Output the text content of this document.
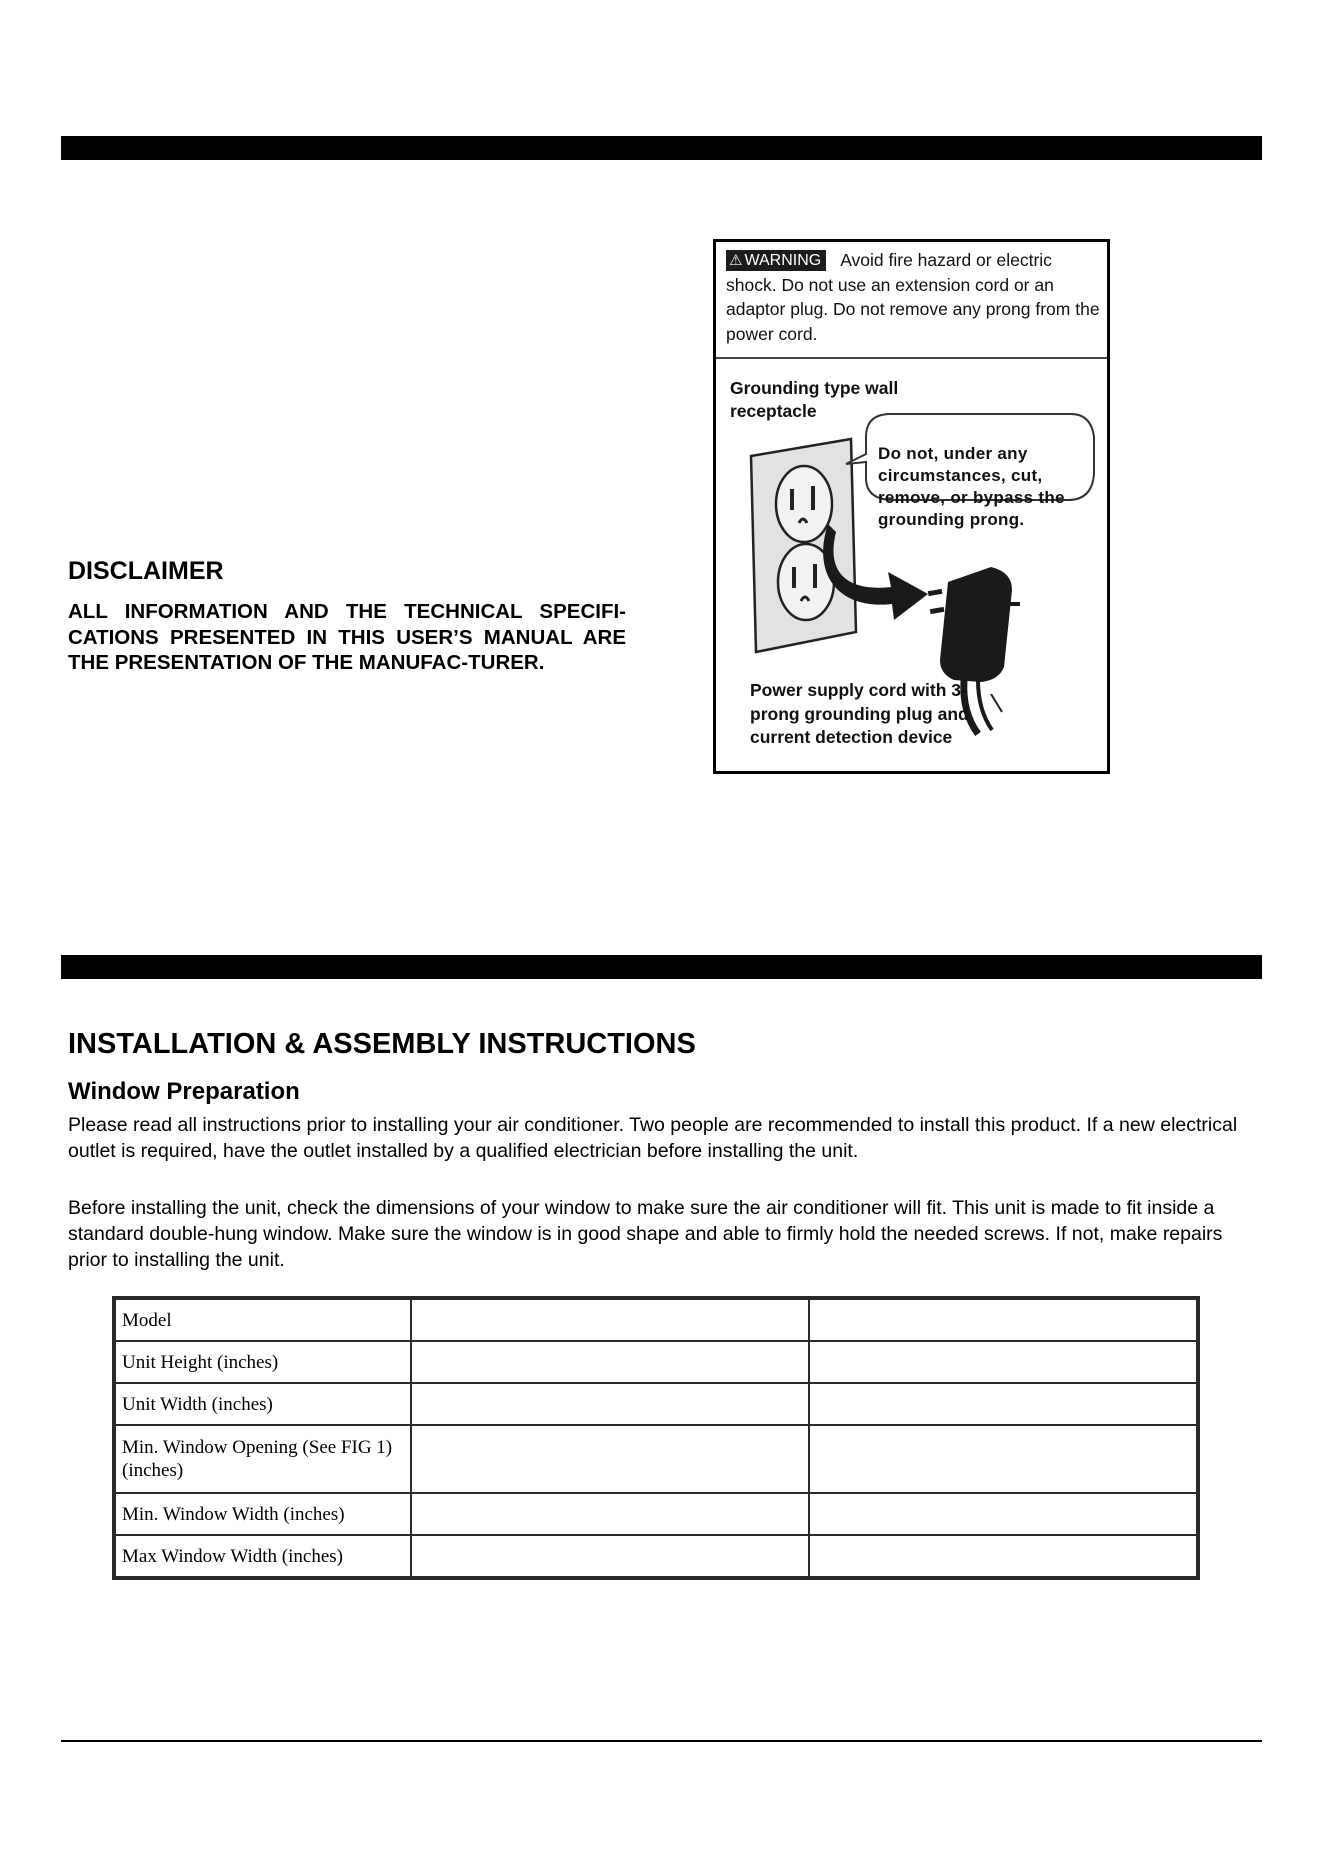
DISCLAIMER

ALL INFORMATION AND THE TECHNICAL SPECIFI-CATIONS PRESENTED IN THIS USER’S MANUAL ARE THE PRESENTATION OF THE MANUFAC-TURER.

⚠ WARNING Avoid fire hazard or electric shock. Do not use an extension cord or an adaptor plug. Do not remove any prong from the power cord.

Grounding type wall receptacle

Do not, under any circumstances, cut, remove, or bypass the grounding prong.

Power supply cord with 3-prong grounding plug and current detection device

INSTALLATION & ASSEMBLY INSTRUCTIONS
Window Preparation

Please read all instructions prior to installing your air conditioner. Two people are recommended to install this product. If a new electrical outlet is required, have the outlet installed by a qualified electrician before installing the unit.

Before installing the unit, check the dimensions of your window to make sure the air conditioner will fit. This unit is made to fit inside a standard double-hung window. Make sure the window is in good shape and able to firmly hold the needed screws. If not, make repairs prior to installing the unit.

Model		
Unit Height (inches)		
Unit Width (inches)		
Min. Window Opening (See FIG 1) (inches)		
Min. Window Width (inches)		
Max Window Width (inches)		
